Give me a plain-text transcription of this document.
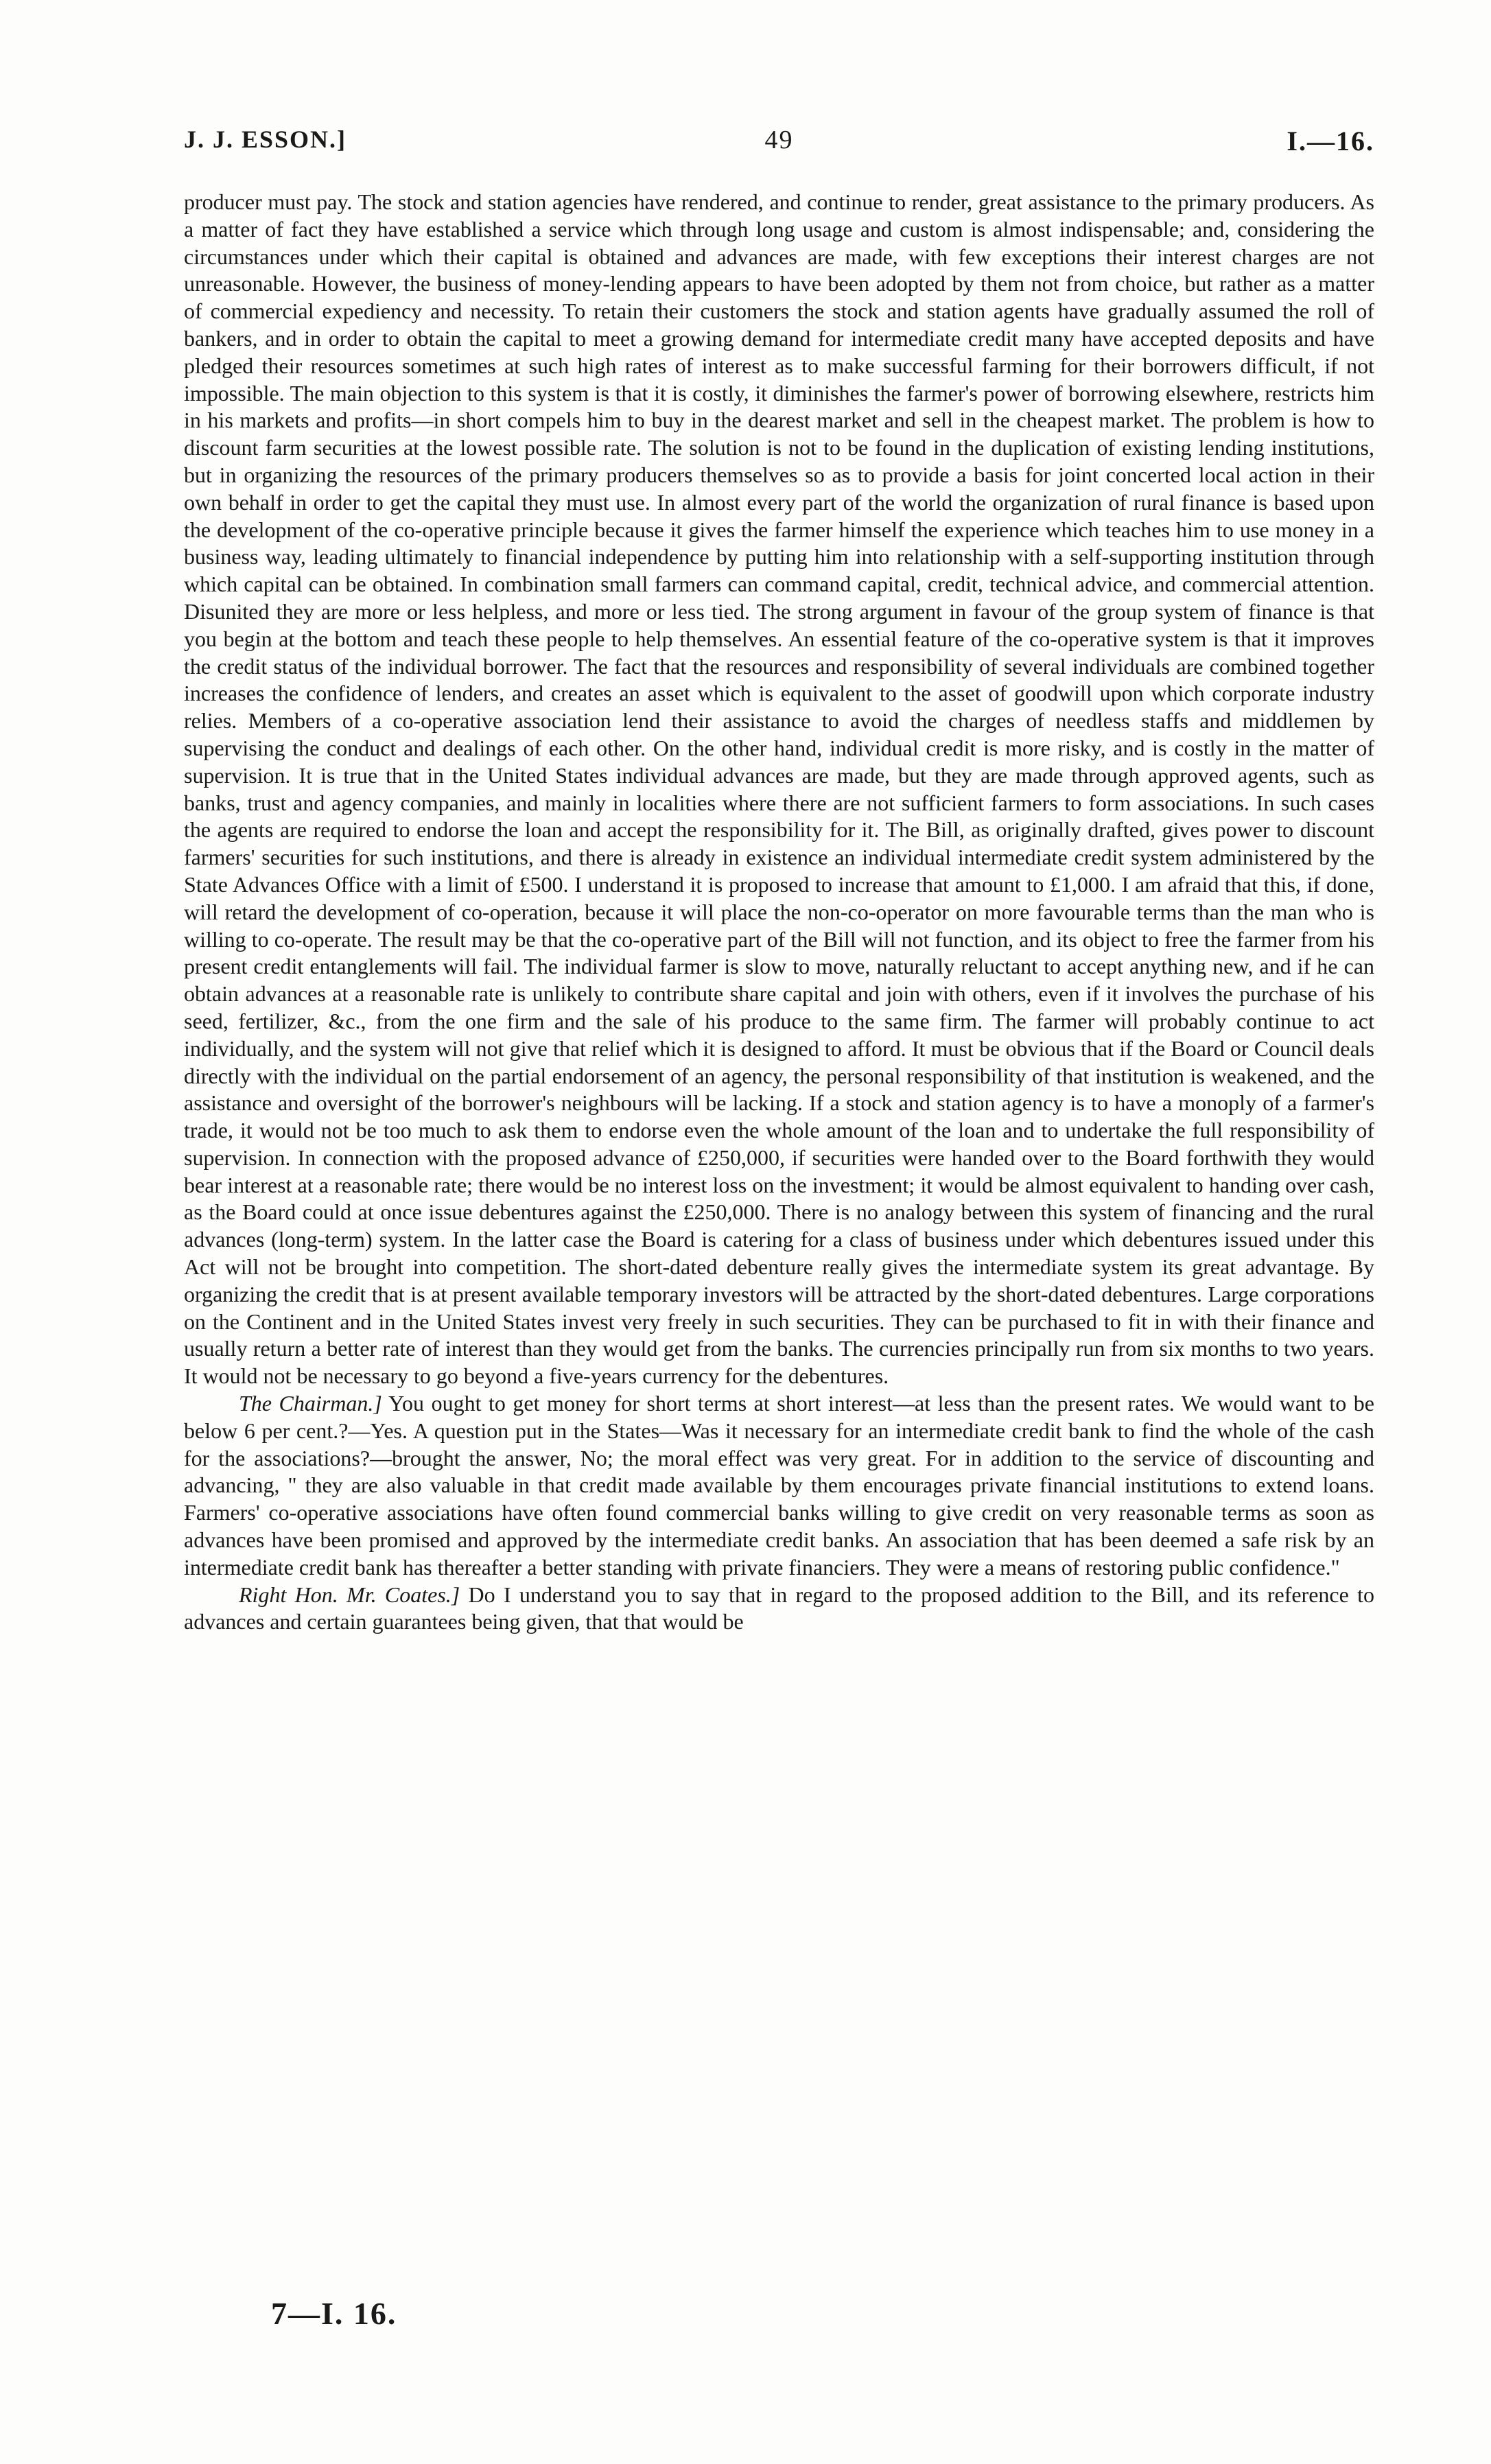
J. J. ESSON.]	49	I.—16.

producer must pay. The stock and station agencies have rendered, and continue to render, great assistance to the primary producers. As a matter of fact they have established a service which through long usage and custom is almost indispensable; and, considering the circumstances under which their capital is obtained and advances are made, with few exceptions their interest charges are not unreasonable. However, the business of money-lending appears to have been adopted by them not from choice, but rather as a matter of commercial expediency and necessity. To retain their customers the stock and station agents have gradually assumed the roll of bankers, and in order to obtain the capital to meet a growing demand for intermediate credit many have accepted deposits and have pledged their resources sometimes at such high rates of interest as to make successful farming for their borrowers difficult, if not impossible. The main objection to this system is that it is costly, it diminishes the farmer's power of borrowing elsewhere, restricts him in his markets and profits—in short compels him to buy in the dearest market and sell in the cheapest market. The problem is how to discount farm securities at the lowest possible rate. The solution is not to be found in the duplication of existing lending institutions, but in organizing the resources of the primary producers themselves so as to provide a basis for joint concerted local action in their own behalf in order to get the capital they must use. In almost every part of the world the organization of rural finance is based upon the development of the co-operative principle because it gives the farmer himself the experience which teaches him to use money in a business way, leading ultimately to financial independence by putting him into relationship with a self-supporting institution through which capital can be obtained. In combination small farmers can command capital, credit, technical advice, and commercial attention. Disunited they are more or less helpless, and more or less tied. The strong argument in favour of the group system of finance is that you begin at the bottom and teach these people to help themselves. An essential feature of the co-operative system is that it improves the credit status of the individual borrower. The fact that the resources and responsibility of several individuals are combined together increases the confidence of lenders, and creates an asset which is equivalent to the asset of goodwill upon which corporate industry relies. Members of a co-operative association lend their assistance to avoid the charges of needless staffs and middlemen by supervising the conduct and dealings of each other. On the other hand, individual credit is more risky, and is costly in the matter of supervision. It is true that in the United States individual advances are made, but they are made through approved agents, such as banks, trust and agency companies, and mainly in localities where there are not sufficient farmers to form associations. In such cases the agents are required to endorse the loan and accept the responsibility for it. The Bill, as originally drafted, gives power to discount farmers' securities for such institutions, and there is already in existence an individual intermediate credit system administered by the State Advances Office with a limit of £500. I understand it is proposed to increase that amount to £1,000. I am afraid that this, if done, will retard the development of co-operation, because it will place the non-co-operator on more favourable terms than the man who is willing to co-operate. The result may be that the co-operative part of the Bill will not function, and its object to free the farmer from his present credit entanglements will fail. The individual farmer is slow to move, naturally reluctant to accept anything new, and if he can obtain advances at a reasonable rate is unlikely to contribute share capital and join with others, even if it involves the purchase of his seed, fertilizer, &c., from the one firm and the sale of his produce to the same firm. The farmer will probably continue to act individually, and the system will not give that relief which it is designed to afford. It must be obvious that if the Board or Council deals directly with the individual on the partial endorsement of an agency, the personal responsibility of that institution is weakened, and the assistance and oversight of the borrower's neighbours will be lacking. If a stock and station agency is to have a monoply of a farmer's trade, it would not be too much to ask them to endorse even the whole amount of the loan and to undertake the full responsibility of supervision. In connection with the proposed advance of £250,000, if securities were handed over to the Board forthwith they would bear interest at a reasonable rate; there would be no interest loss on the investment; it would be almost equivalent to handing over cash, as the Board could at once issue debentures against the £250,000. There is no analogy between this system of financing and the rural advances (long-term) system. In the latter case the Board is catering for a class of business under which debentures issued under this Act will not be brought into competition. The short-dated debenture really gives the intermediate system its great advantage. By organizing the credit that is at present available temporary investors will be attracted by the short-dated debentures. Large corporations on the Continent and in the United States invest very freely in such securities. They can be purchased to fit in with their finance and usually return a better rate of interest than they would get from the banks. The currencies principally run from six months to two years. It would not be necessary to go beyond a five-years currency for the debentures.

The Chairman.] You ought to get money for short terms at short interest—at less than the present rates. We would want to be below 6 per cent.?—Yes. A question put in the States—Was it necessary for an intermediate credit bank to find the whole of the cash for the associations?—brought the answer, No; the moral effect was very great. For in addition to the service of discounting and advancing, " they are also valuable in that credit made available by them encourages private financial institutions to extend loans. Farmers' co-operative associations have often found commercial banks willing to give credit on very reasonable terms as soon as advances have been promised and approved by the intermediate credit banks. An association that has been deemed a safe risk by an intermediate credit bank has thereafter a better standing with private financiers. They were a means of restoring public confidence."

Right Hon. Mr. Coates.] Do I understand you to say that in regard to the proposed addition to the Bill, and its reference to advances and certain guarantees being given, that that would be

7—I. 16.
